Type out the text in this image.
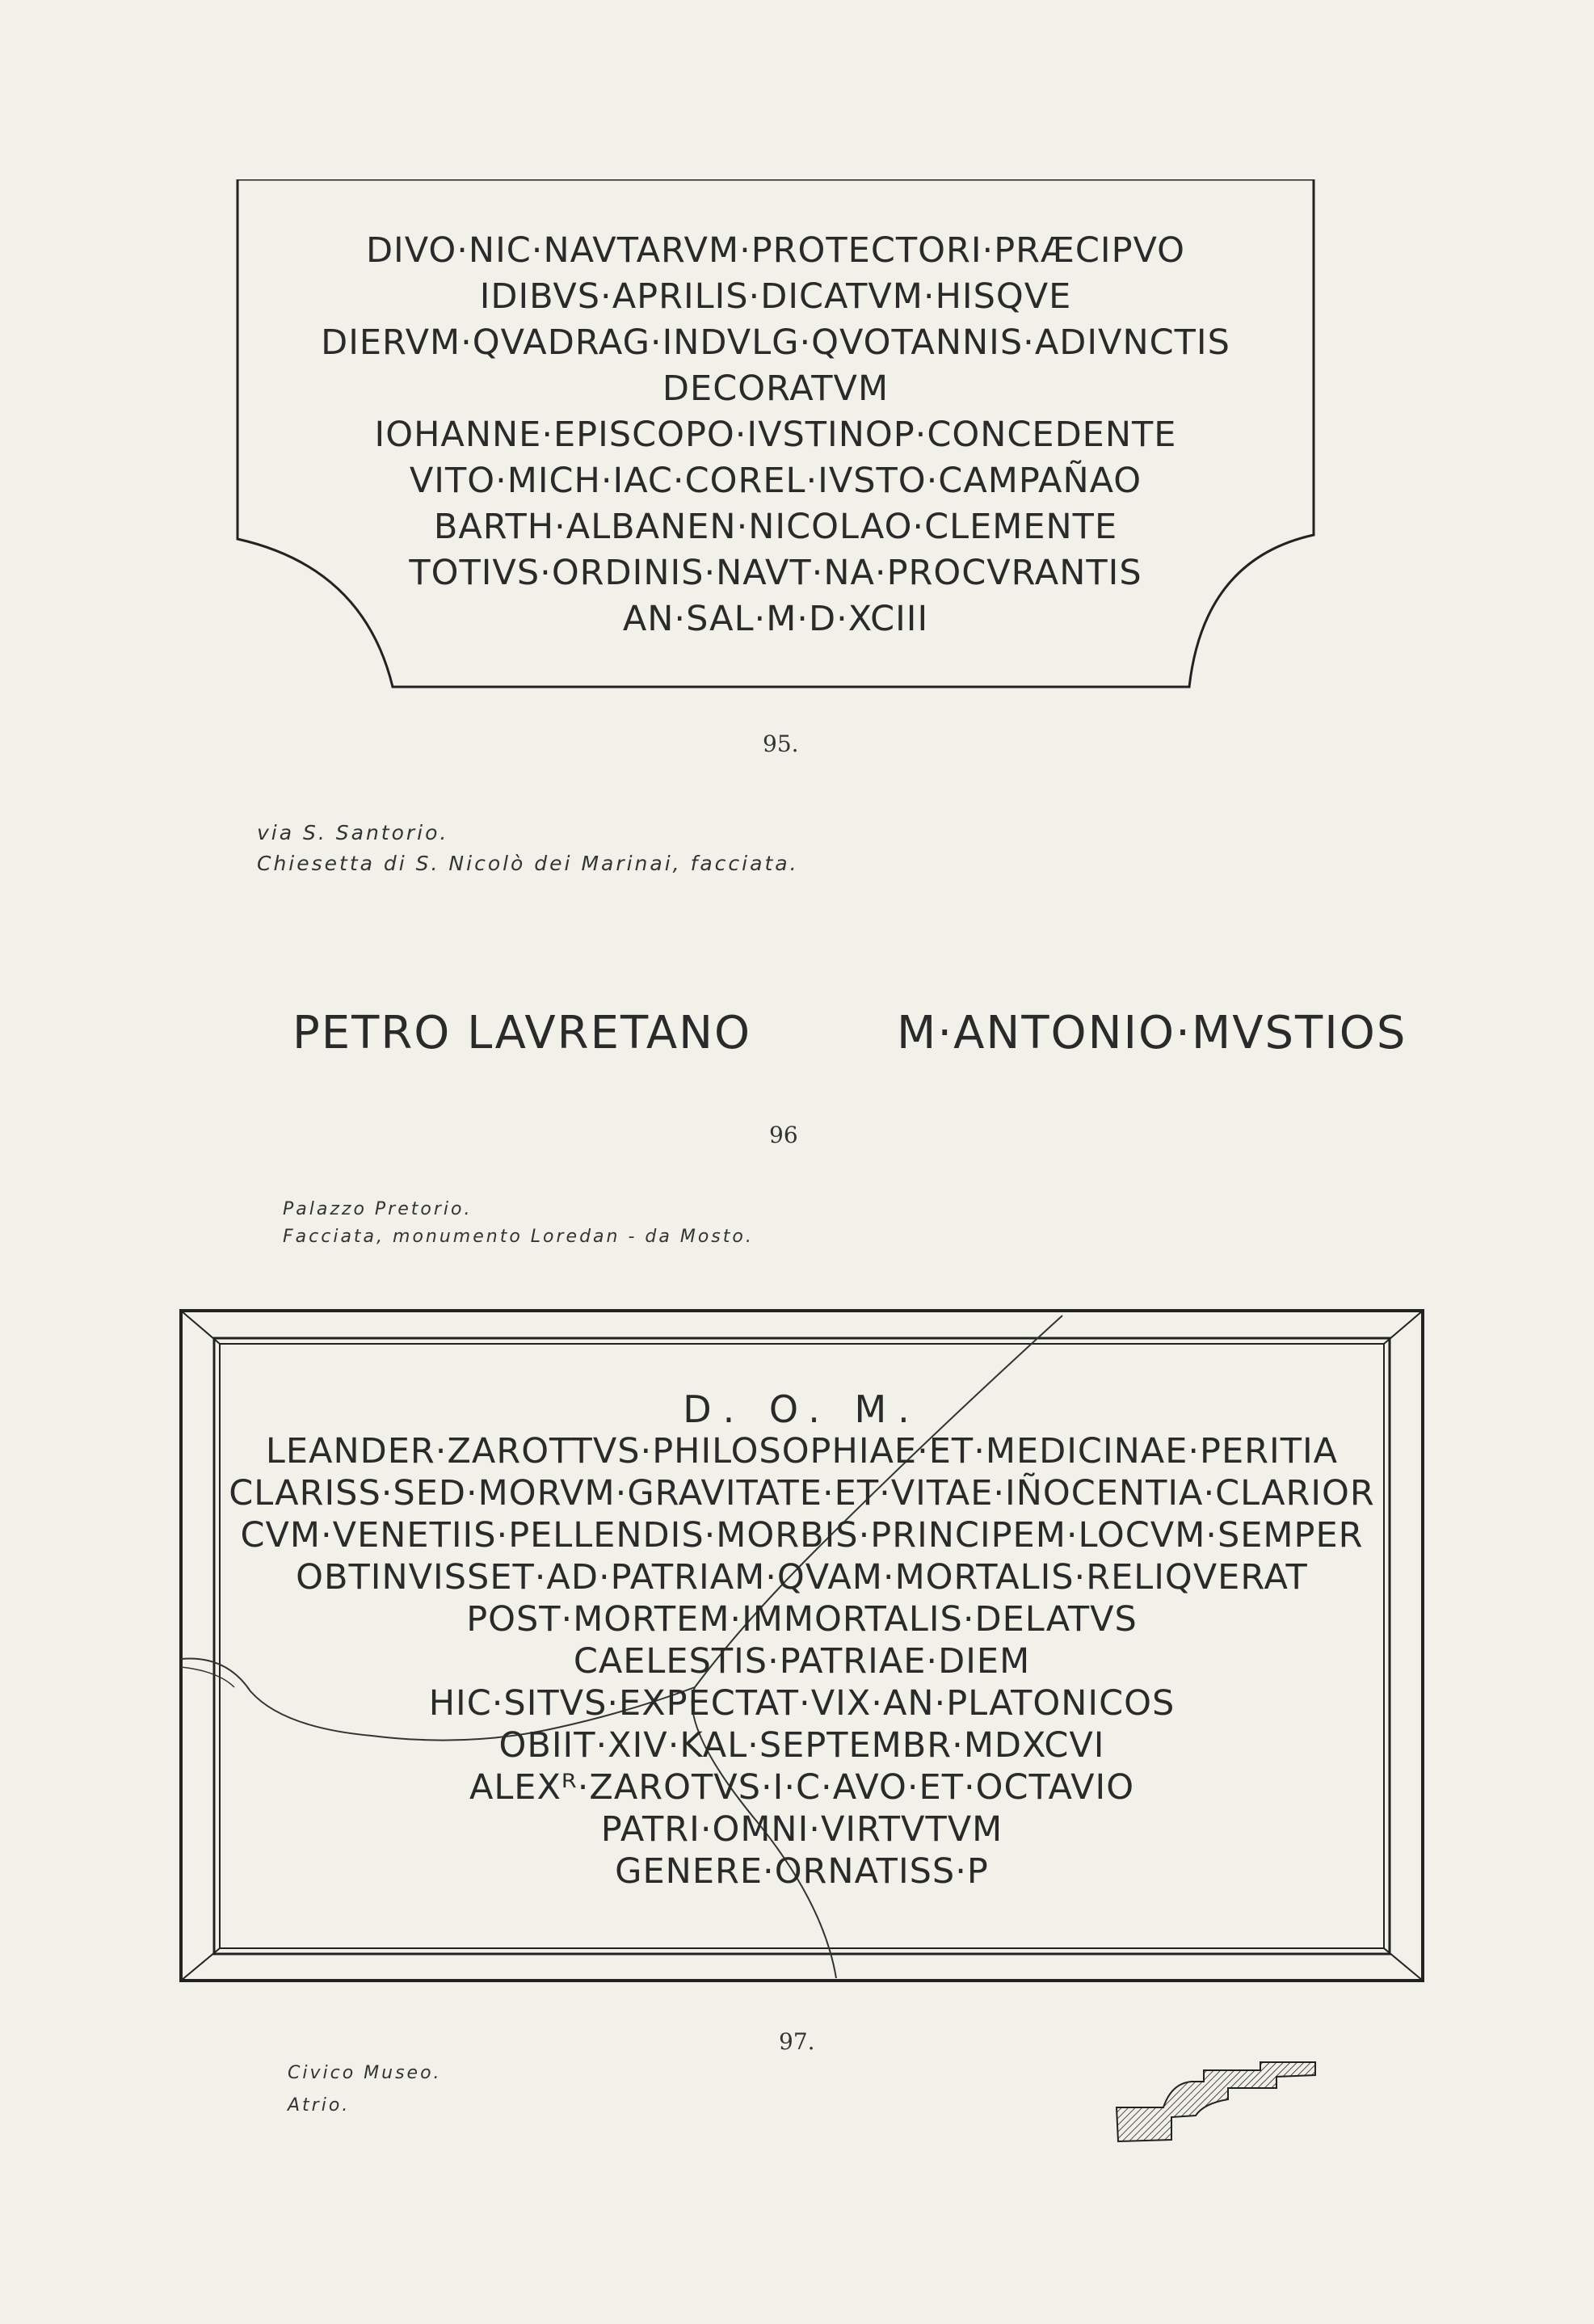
DIVO·NIC·NAVTARVM·PROTECTORI·PRÆCIPVO
IDIBVS·APRILIS·DICATVM·HISQVE
DIERVM·QVADRAG·INDVLG·QVOTANNIS·ADIVNCTIS
DECORATVM
IOHANNE·EPISCOPO·IVSTINOP·CONCEDENTE
VITO·MICH·IAC·COREL·IVSTO·CAMPAÑAO
BARTH·ALBANEN·NICOLAO·CLEMENTE
TOTIVS·ORDINIS·NAVT·NA·PROCVRANTIS
AN·SAL·M·D·XCIII
95.
via S. Santorio.
Chiesetta di S. Nicolò dei Marinai, facciata.
PETRO LAVRETANO	M·ANTONIO·MVSTIOS
96
Palazzo Pretorio.
Facciata, monumento Loredan - da Mosto.
D. O. M.
LEANDER·ZAROTTVS·PHILOSOPHIAE·ET·MEDICINAE·PERITIA
CLARISS·SED·MORVM·GRAVITATE·ET·VITAE·IÑOCENTIA·CLARIOR
CVM·VENETIIS·PELLENDIS·MORBIS·PRINCIPEM·LOCVM·SEMPER
OBTINVISSET·AD·PATRIAM·QVAM·MORTALIS·RELIQVERAT
POST·MORTEM·IMMORTALIS·DELATVS
CAELESTIS·PATRIAE·DIEM
HIC·SITVS·EXPECTAT·VIX·AN·PLATONICOS
OBIIT·XIV·KAL·SEPTEMBR·MDXCVI
ALEXᴿ·ZAROTVS·I·C·AVO·ET·OCTAVIO
PATRI·OMNI·VIRTVTVM
GENERE·ORNATISS·P
97.
Civico Museo.
Atrio.
